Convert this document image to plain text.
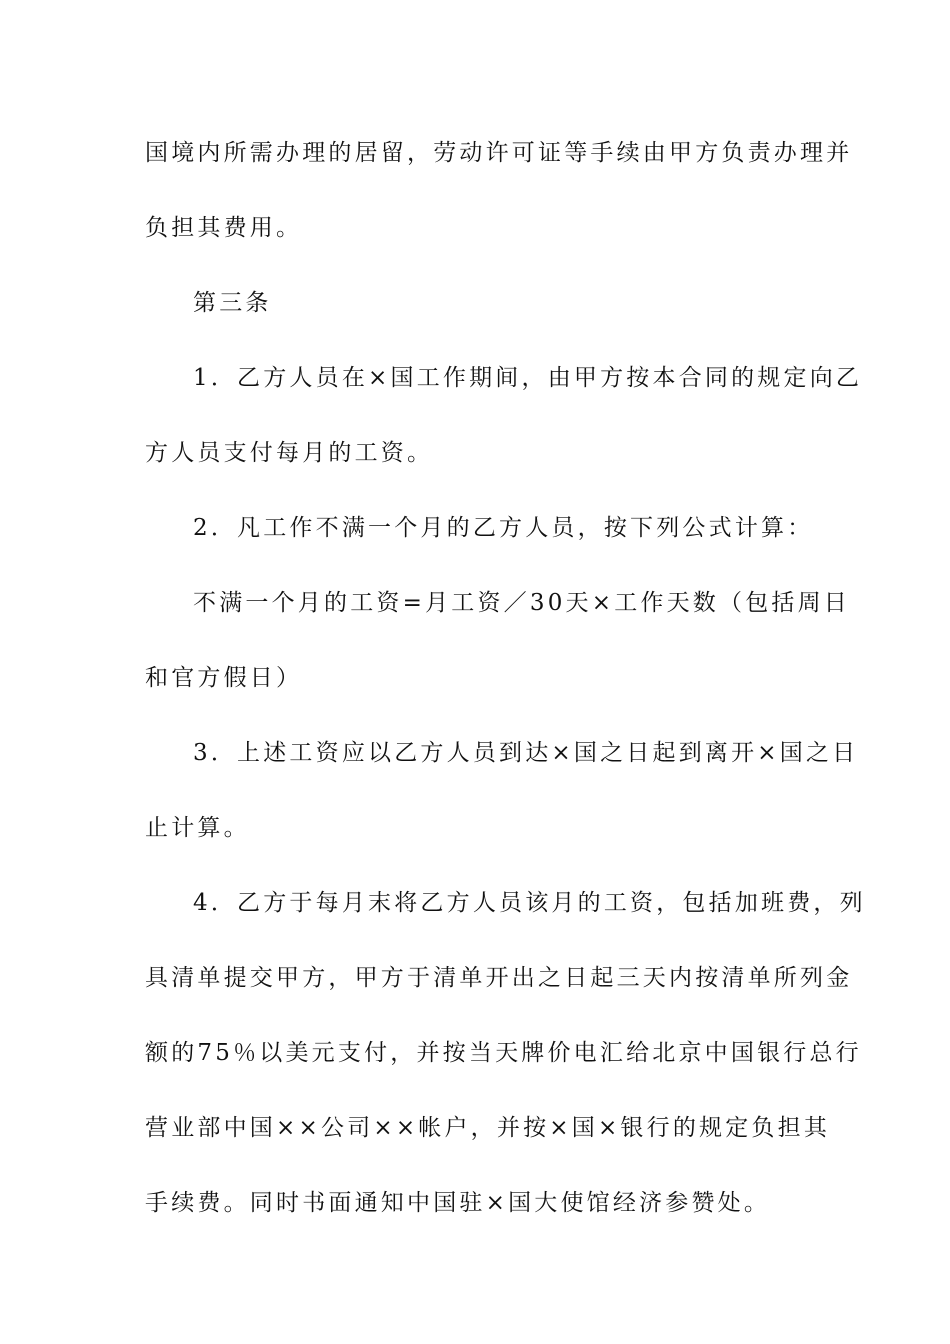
国境内所需办理的居留，劳动许可证等手续由甲方负责办理并
负担其费用。
第三条
1．乙方人员在×国工作期间，由甲方按本合同的规定向乙
方人员支付每月的工资。
2．凡工作不满一个月的乙方人员，按下列公式计算：
不满一个月的工资=月工资／30天×工作天数（包括周日
和官方假日）
3．上述工资应以乙方人员到达×国之日起到离开×国之日
止计算。
4．乙方于每月末将乙方人员该月的工资，包括加班费，列
具清单提交甲方，甲方于清单开出之日起三天内按清单所列金
额的75％以美元支付，并按当天牌价电汇给北京中国银行总行
营业部中国××公司××帐户，并按×国×银行的规定负担其
手续费。同时书面通知中国驻×国大使馆经济参赞处。
